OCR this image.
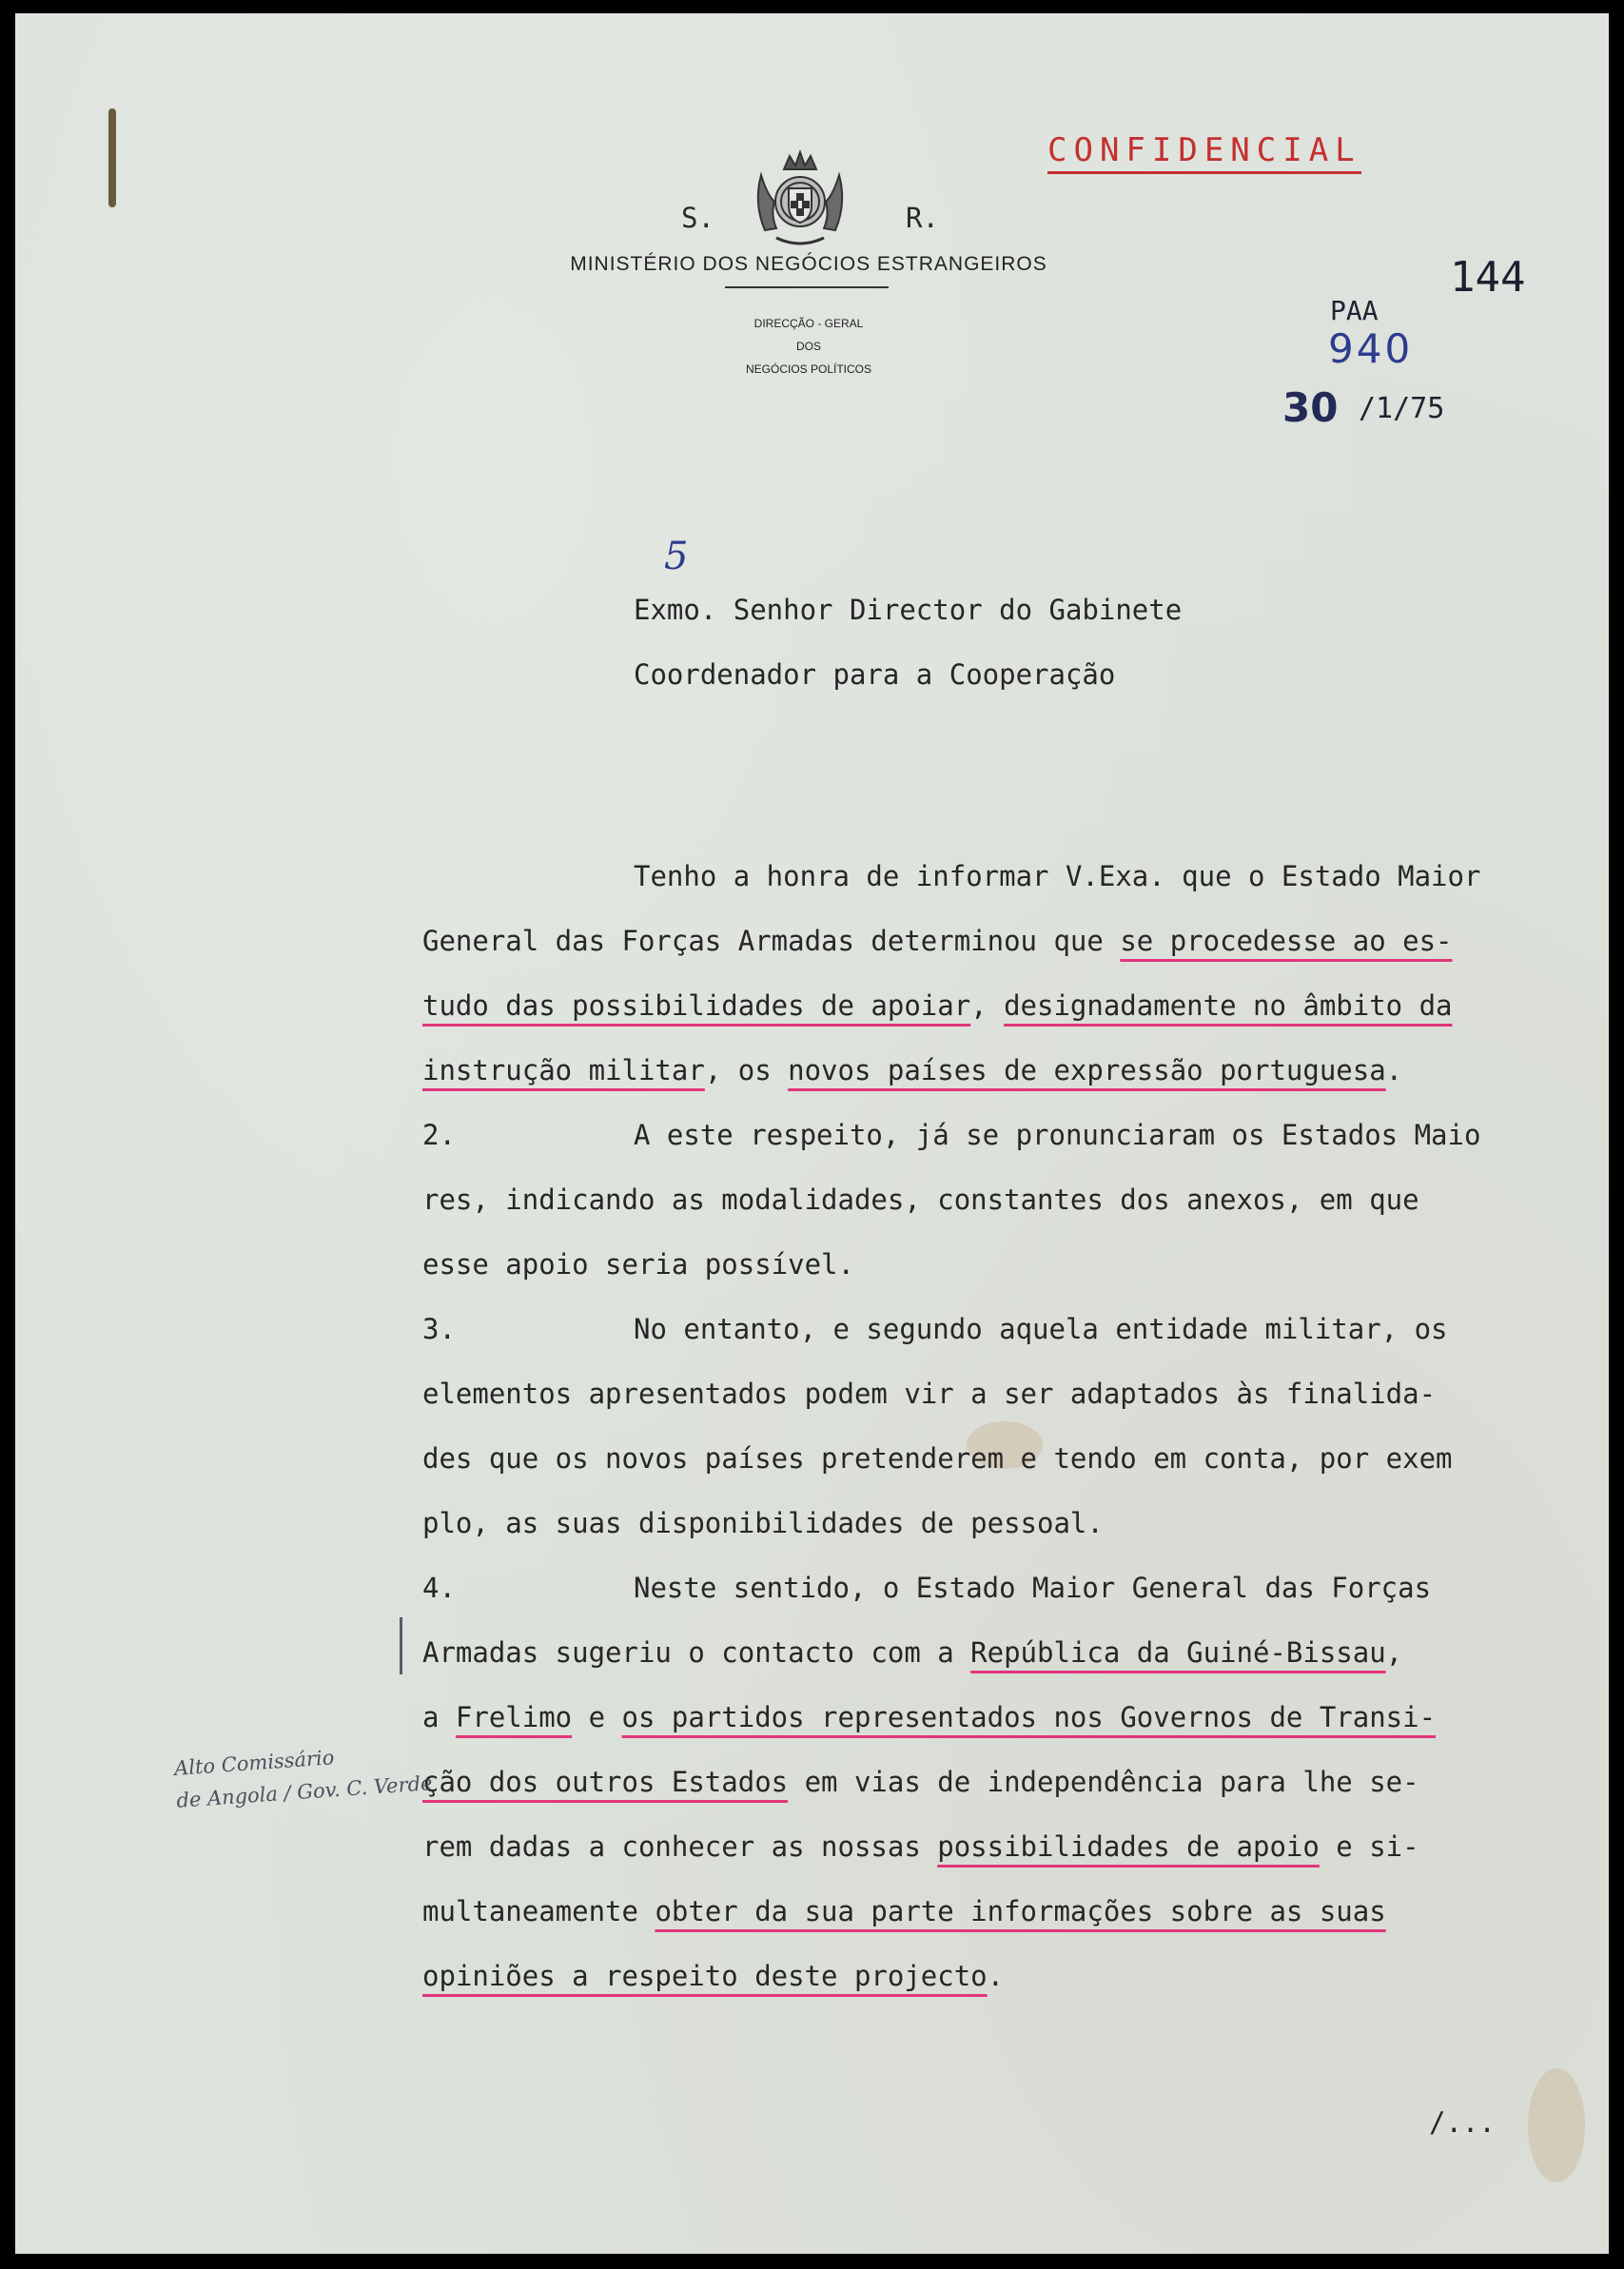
CONFIDENCIAL
S.	R.
MINISTÉRIO DOS NEGÓCIOS ESTRANGEIROS
DIRECÇÃO - GERAL
DOS
NEGÓCIOS POLÍTICOS
144
PAA
940
30 /1/75
5
Exmo. Senhor Director do Gabinete
Coordenador para a Cooperação
Tenho a honra de informar V.Exa. que o Estado Maior
General das Forças Armadas determinou que se procedesse ao es-
tudo das possibilidades de apoiar, designadamente no âmbito da
instrução militar, os novos países de expressão portuguesa.
2.	A este respeito, já se pronunciaram os Estados Maio
res, indicando as modalidades, constantes dos anexos, em que
esse apoio seria possível.
3.	No entanto, e segundo aquela entidade militar, os
elementos apresentados podem vir a ser adaptados às finalida-
des que os novos países pretenderem e tendo em conta, por exem
plo, as suas disponibilidades de pessoal.
4.	Neste sentido, o Estado Maior General das Forças
Armadas sugeriu o contacto com a República da Guiné-Bissau,
a Frelimo e os partidos representados nos Governos de Transi-
ção dos outros Estados em vias de independência para lhe se-
rem dadas a conhecer as nossas possibilidades de apoio e si-
multaneamente obter da sua parte informações sobre as suas
opiniões a respeito deste projecto.
Alto Comissário
de Angola / Gov. C. Verde
/...
